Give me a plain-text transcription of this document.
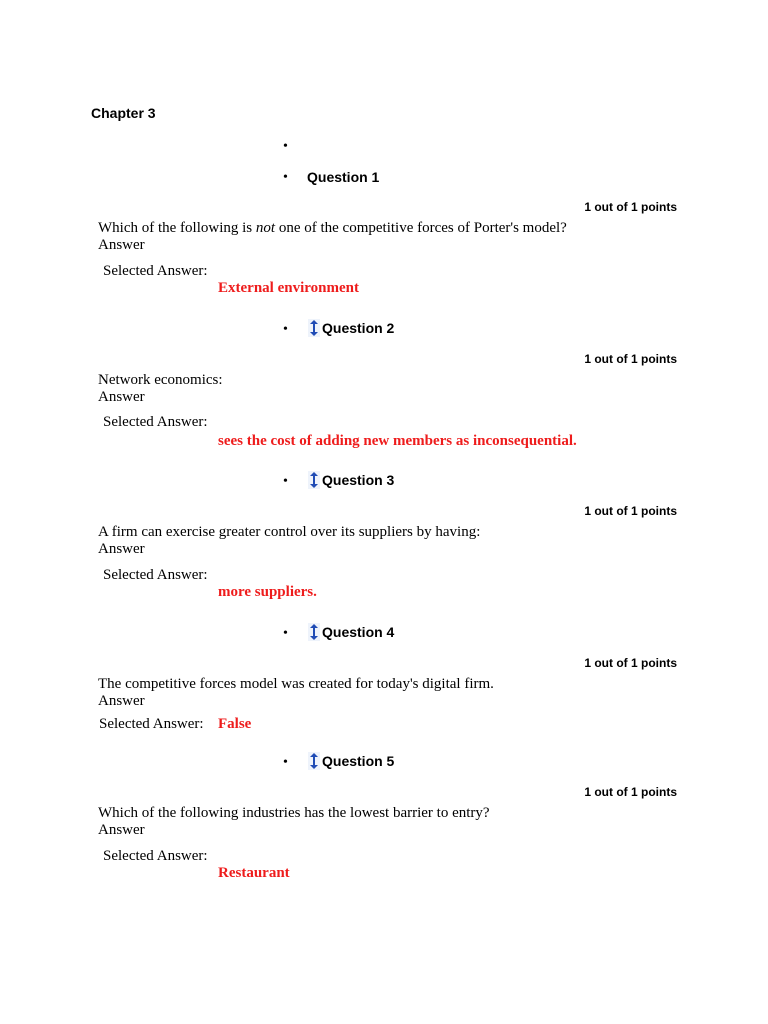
Chapter 3
•
• Question 1
1 out of 1 points
Which of the following is not one of the competitive forces of Porter's model?
Answer
Selected Answer:
External environment
• Question 2
1 out of 1 points
Network economics:
Answer
Selected Answer:
sees the cost of adding new members as inconsequential.
• Question 3
1 out of 1 points
A firm can exercise greater control over its suppliers by having:
Answer
Selected Answer:
more suppliers.
• Question 4
1 out of 1 points
The competitive forces model was created for today's digital firm.
Answer
Selected Answer: False
• Question 5
1 out of 1 points
Which of the following industries has the lowest barrier to entry?
Answer
Selected Answer:
Restaurant
